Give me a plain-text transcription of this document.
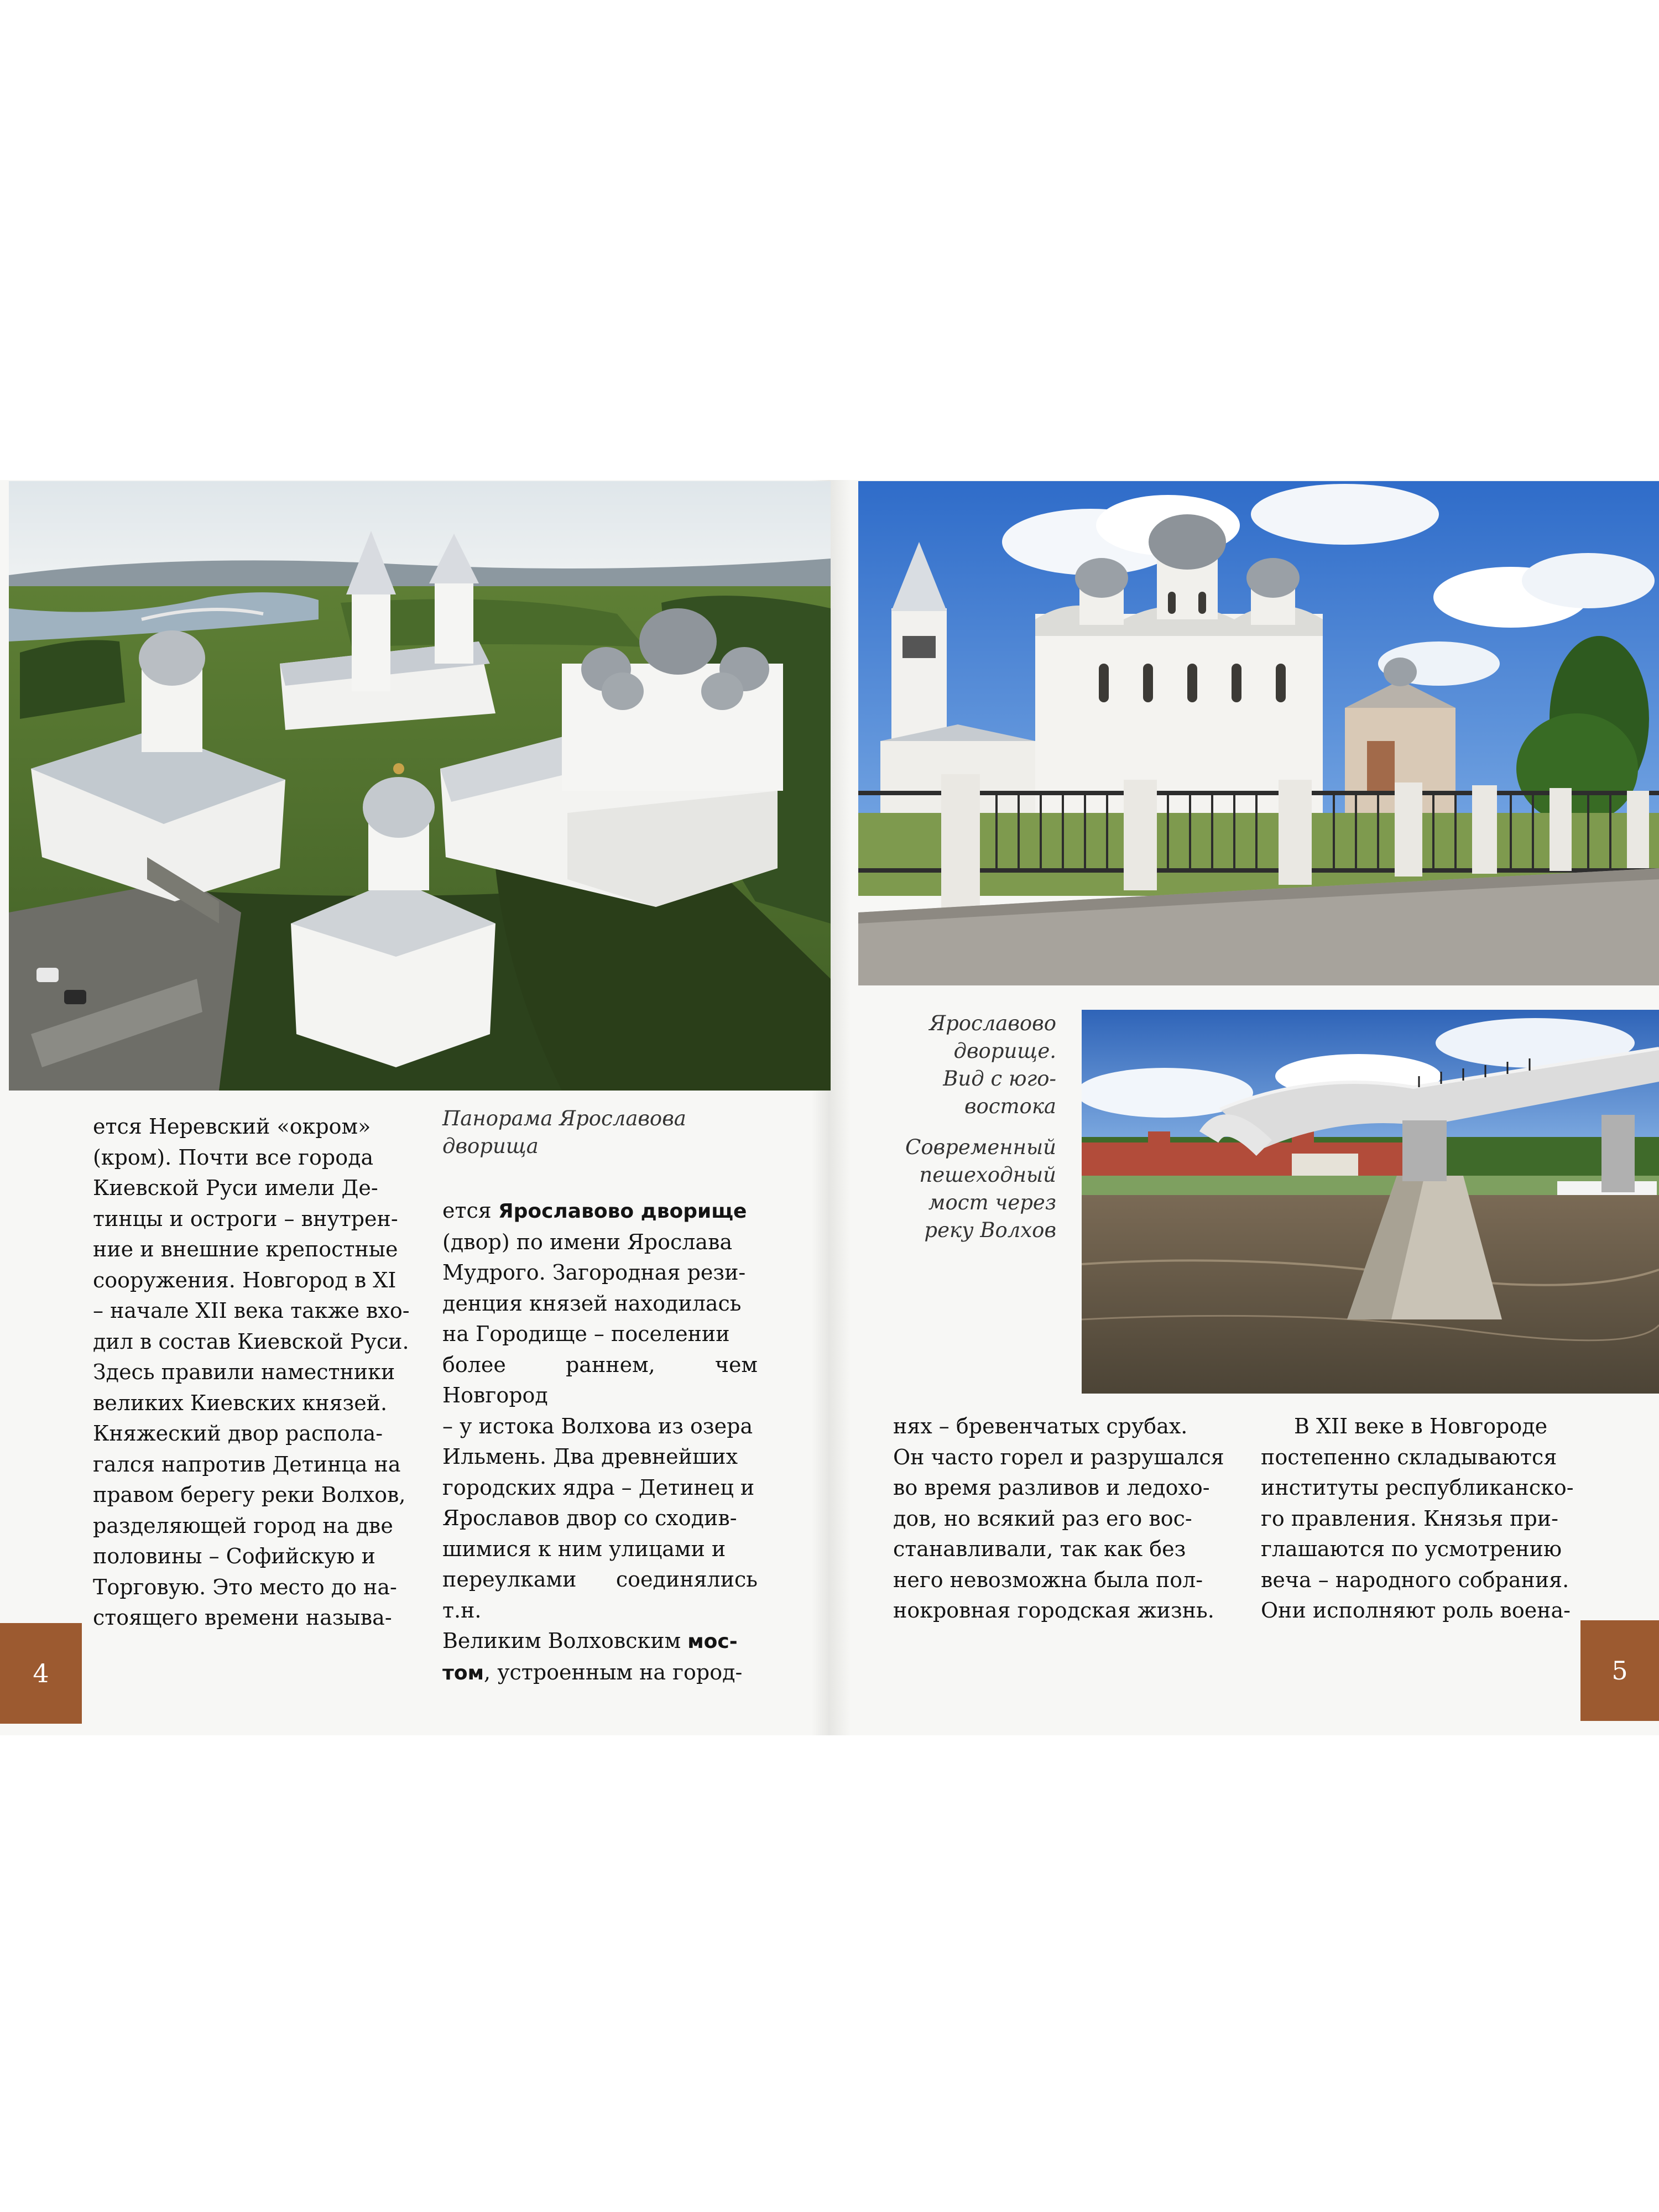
Панорама Ярославова дворища

ется Неревский «окром»

(кром). Почти все города

Киевской Руси имели Де-

тинцы и остроги – внутрен-

ние и внешние крепостные

сооружения. Новгород в XI

– начале XII века также вхо-

дил в состав Киевской Руси.

Здесь правили наместники

великих Киевских князей.

Княжеский двор распола-

гался напротив Детинца на

правом берегу реки Волхов,

разделяющей город на две

половины – Софийскую и

Торговую. Это место до на-

стоящего времени называ-

ется Ярославово дворище

(двор) по имени Ярослава

Мудрого. Загородная рези-

денция князей находилась

на Городище – поселении

более раннем, чем Новгород

– у истока Волхова из озера

Ильмень. Два древнейших

городских ядра – Детинец и

Ярославов двор со сходив-

шимися к ним улицами и

переулками соединялись т.н.

Великим Волховским мос-

том, устроенным на город-

4
Ярославово
дворище.
Вид с юго-
востока
Современный
пешеходный
мост через
реку Волхов

нях – бревенчатых срубах.

Он часто горел и разрушался

во время разливов и ледохо-

дов, но всякий раз его вос-

станавливали, так как без

него невозможна была пол-

нокровная городская жизнь.

В XII веке в Новгороде

постепенно складываются

институты республиканско-

го правления. Князья при-

глашаются по усмотрению

веча – народного собрания.

Они исполняют роль воена-

5
